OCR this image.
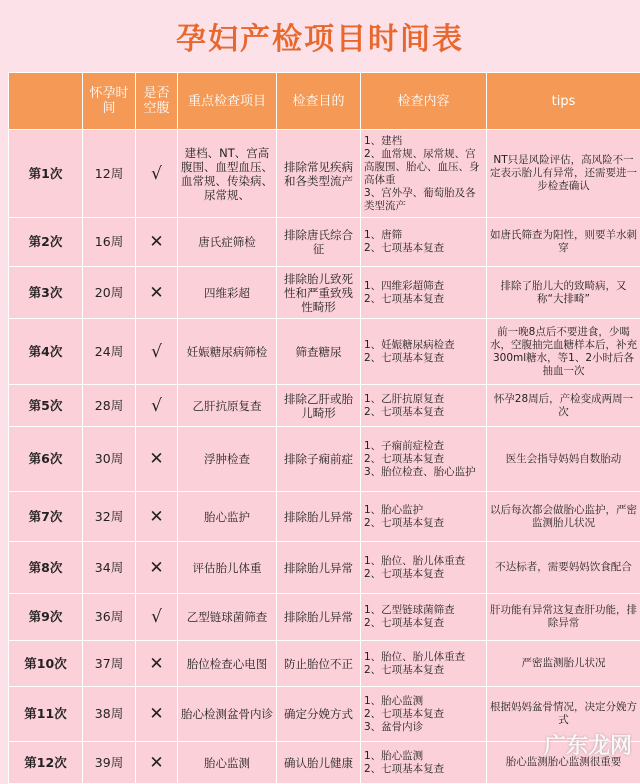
孕妇产检项目时间表
	怀孕时间	是否空腹	重点检查项目	检查目的	检查内容	tips
第1次	12周	√	建档、NT、宫高腹围、血型血压、血常规、传染病、尿常规、	排除常见疾病和各类型流产	1、建档
2、血常规、尿常规、宫高腹围、胎心、血压、身高体重
3、宫外孕、葡萄胎及各类型流产	NT只是风险评估，高风险不一定表示胎儿有异常，还需要进一步检查确认
第2次	16周	✕	唐氏症筛检	排除唐氏综合征	1、唐筛
2、七项基本复查	如唐氏筛查为阳性，则要羊水刺穿
第3次	20周	✕	四维彩超	排除胎儿致死性和严重致残性畸形	1、四维彩超筛查
2、七项基本复查	排除了胎儿大的致畸病，又称“大排畸”
第4次	24周	√	妊娠糖尿病筛检	筛查糖尿	1、妊娠糖尿病检查
2、七项基本复查	前一晚8点后不要进食，少喝水，空腹抽完血糖样本后，补充300ml糖水，等1、2小时后各抽血一次
第5次	28周	√	乙肝抗原复查	排除乙肝或胎儿畸形	1、乙肝抗原复查
2、七项基本复查	怀孕28周后，产检变成两周一次
第6次	30周	✕	浮肿检查	排除子痫前症	1、子痫前症检查
2、七项基本复查
3、胎位检查、胎心监护	医生会指导妈妈自数胎动
第7次	32周	✕	胎心监护	排除胎儿异常	1、胎心监护
2、七项基本复查	以后每次都会做胎心监护，严密监测胎儿状况
第8次	34周	✕	评估胎儿体重	排除胎儿异常	1、胎位、胎儿体重查
2、七项基本复查	不达标者，需要妈妈饮食配合
第9次	36周	√	乙型链球菌筛查	排除胎儿异常	1、乙型链球菌筛查
2、七项基本复查	肝功能有异常这复查肝功能，排除异常
第10次	37周	✕	胎位检查心电图	防止胎位不正	1、胎位、胎儿体重查
2、七项基本复查	严密监测胎儿状况
第11次	38周	✕	胎心检测盆骨内诊	确定分娩方式	1、胎心监测
2、七项基本复查
3、盆骨内诊	根据妈妈盆骨情况，决定分娩方式
第12次	39周	✕	胎心监测	确认胎儿健康	1、胎心监测
2、七项基本复查	胎心监测胎心监测很重要
广东龙网
